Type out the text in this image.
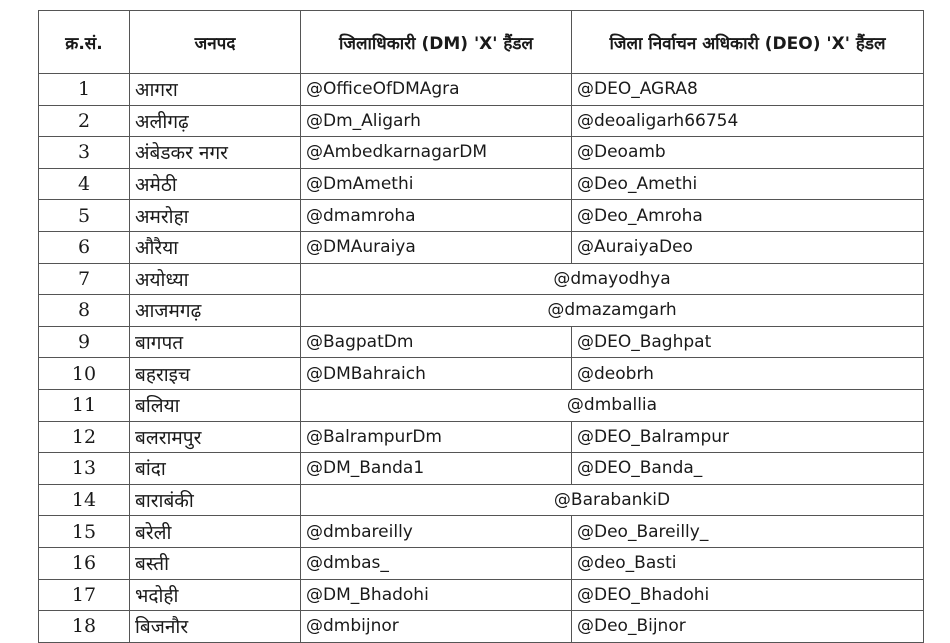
क्र.सं.	जनपद	जिलाधिकारी (DM) 'X' हैंडल	जिला निर्वाचन अधिकारी (DEO) 'X' हैंडल
1	आगरा	@OfficeOfDMAgra	@DEO_AGRA8
2	अलीगढ़	@Dm_Aligarh	@deoaligarh66754
3	अंबेडकर नगर	@AmbedkarnagarDM	@Deoamb
4	अमेठी	@DmAmethi	@Deo_Amethi
5	अमरोहा	@dmamroha	@Deo_Amroha
6	औरैया	@DMAuraiya	@AuraiyaDeo
7	अयोध्या	@dmayodhya	
8	आजमगढ़	@dmazamgarh	
9	बागपत	@BagpatDm	@DEO_Baghpat
10	बहराइच	@DMBahraich	@deobrh
11	बलिया	@dmballia	
12	बलरामपुर	@BalrampurDm	@DEO_Balrampur
13	बांदा	@DM_Banda1	@DEO_Banda_
14	बाराबंकी	@BarabankiD	
15	बरेली	@dmbareilly	@Deo_Bareilly_
16	बस्ती	@dmbas_	@deo_Basti
17	भदोही	@DM_Bhadohi	@DEO_Bhadohi
18	बिजनौर	@dmbijnor	@Deo_Bijnor
